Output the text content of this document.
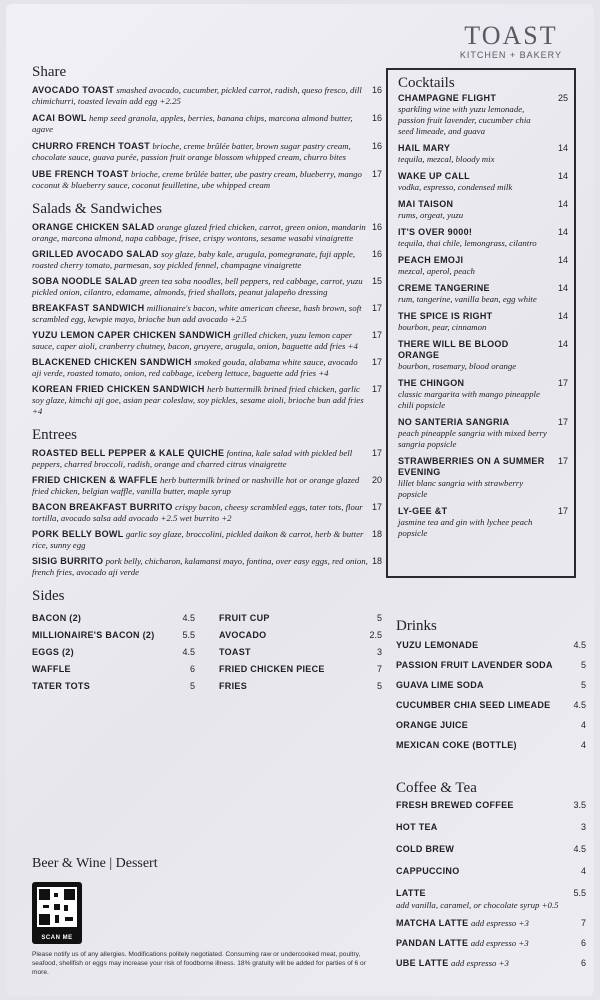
TOAST
KITCHEN + BAKERY
Share
AVOCADO TOAST smashed avocado, cucumber, pickled carrot, radish, queso fresco, dill chimichurri, toasted levain add egg +2.25
16
ACAI BOWL hemp seed granola, apples, berries, banana chips, marcona almond butter, agave
16
CHURRO FRENCH TOAST brioche, creme brûlée batter, brown sugar pastry cream, chocolate sauce, guava purée, passion fruit orange blossom whipped cream, churro bites
16
UBE FRENCH TOAST brioche, creme brûlée batter, ube pastry cream, blueberry, mango coconut & blueberry sauce, coconut feuilletine, ube whipped cream
17
Salads & Sandwiches
ORANGE CHICKEN SALAD orange glazed fried chicken, carrot, green onion, mandarin orange, marcona almond, napa cabbage, frisee, crispy wontons, sesame wasabi vinaigrette
16
GRILLED AVOCADO SALAD soy glaze, baby kale, arugula, pomegranate, fuji apple, roasted cherry tomato, parmesan, soy pickled fennel, champagne vinaigrette
16
SOBA NOODLE SALAD green tea soba noodles, bell peppers, red cabbage, carrot, yuzu pickled onion, cilantro, edamame, almonds, fried shallots, peanut jalapeño dressing
15
BREAKFAST SANDWICH millionaire's bacon, white american cheese, hash brown, soft scrambled egg, kewpie mayo, brioche bun add avocado +2.5
17
YUZU LEMON CAPER CHICKEN SANDWICH grilled chicken, yuzu lemon caper sauce, caper aioli, cranberry chutney, bacon, gruyere, arugula, onion, baguette add fries +4
17
BLACKENED CHICKEN SANDWICH smoked gouda, alabama white sauce, avocado aji verde, roasted tomato, onion, red cabbage, iceberg lettuce, baguette add fries +4
17
KOREAN FRIED CHICKEN SANDWICH herb buttermilk brined fried chicken, garlic soy glaze, kimchi aji goe, asian pear coleslaw, soy pickles, sesame aioli, brioche bun add fries +4
17
Entrees
ROASTED BELL PEPPER & KALE QUICHE fontina, kale salad with pickled bell peppers, charred broccoli, radish, orange and charred citrus vinaigrette
17
FRIED CHICKEN & WAFFLE herb buttermilk brined or nashville hot or orange glazed fried chicken, belgian waffle, vanilla butter, maple syrup
20
BACON BREAKFAST BURRITO crispy bacon, cheesy scrambled eggs, tater tots, flour tortilla, avocado salsa add avocado +2.5 wet burrito +2
17
PORK BELLY BOWL garlic soy glaze, broccolini, pickled daikon & carrot, herb & butter rice, sunny egg
18
SISIG BURRITO pork belly, chicharon, kalamansi mayo, fontina, over easy eggs, red onion, french fries, avocado aji verde
18
Sides
BACON (2)	4.5
MILLIONAIRE'S BACON (2)	5.5
EGGS (2)	4.5
WAFFLE	6
TATER TOTS	5
FRUIT CUP	5
AVOCADO	2.5
TOAST	3
FRIED CHICKEN PIECE	7
FRIES	5
Beer & Wine | Dessert
SCAN ME
Please notify us of any allergies. Modifications politely negotiated. Consuming raw or undercooked meat, poultry, seafood, shellfish or eggs may increase your risk of foodborne illness. 18% gratuity will be added for parties of 6 or more.
Cocktails
CHAMPAGNE FLIGHT
sparkling wine with yuzu lemonade, passion fruit lavender, cucumber chia seed limeade, and guava
25
HAIL MARY
tequila, mezcal, bloody mix
14
WAKE UP CALL
vodka, espresso, condensed milk
14
MAI TAISON
rums, orgeat, yuzu
14
IT'S OVER 9000!
tequila, thai chile, lemongrass, cilantro
14
PEACH EMOJI
mezcal, aperol, peach
14
CREME TANGERINE
rum, tangerine, vanilla bean, egg white
14
THE SPICE IS RIGHT
bourbon, pear, cinnamon
14
THERE WILL BE BLOOD ORANGE
bourbon, rosemary, blood orange
14
THE CHINGON
classic margarita with mango pineapple chili popsicle
17
NO SANTERIA SANGRIA
peach pineapple sangria with mixed berry sangria popsicle
17
STRAWBERRIES ON A SUMMER EVENING
lillet blanc sangria with strawberry popsicle
17
LY-GEE &T
jasmine tea and gin with lychee peach popsicle
17
Drinks
YUZU LEMONADE	4.5
PASSION FRUIT LAVENDER SODA	5
GUAVA LIME SODA	5
CUCUMBER CHIA SEED LIMEADE	4.5
ORANGE JUICE	4
MEXICAN COKE (BOTTLE)	4
Coffee & Tea
FRESH BREWED COFFEE	3.5
HOT TEA	3
COLD BREW	4.5
CAPPUCCINO	4
LATTE
add vanilla, caramel, or chocolate syrup +0.5
5.5
MATCHA LATTE add espresso +3	7
PANDAN LATTE add espresso +3	6
UBE LATTE add espresso +3	6
